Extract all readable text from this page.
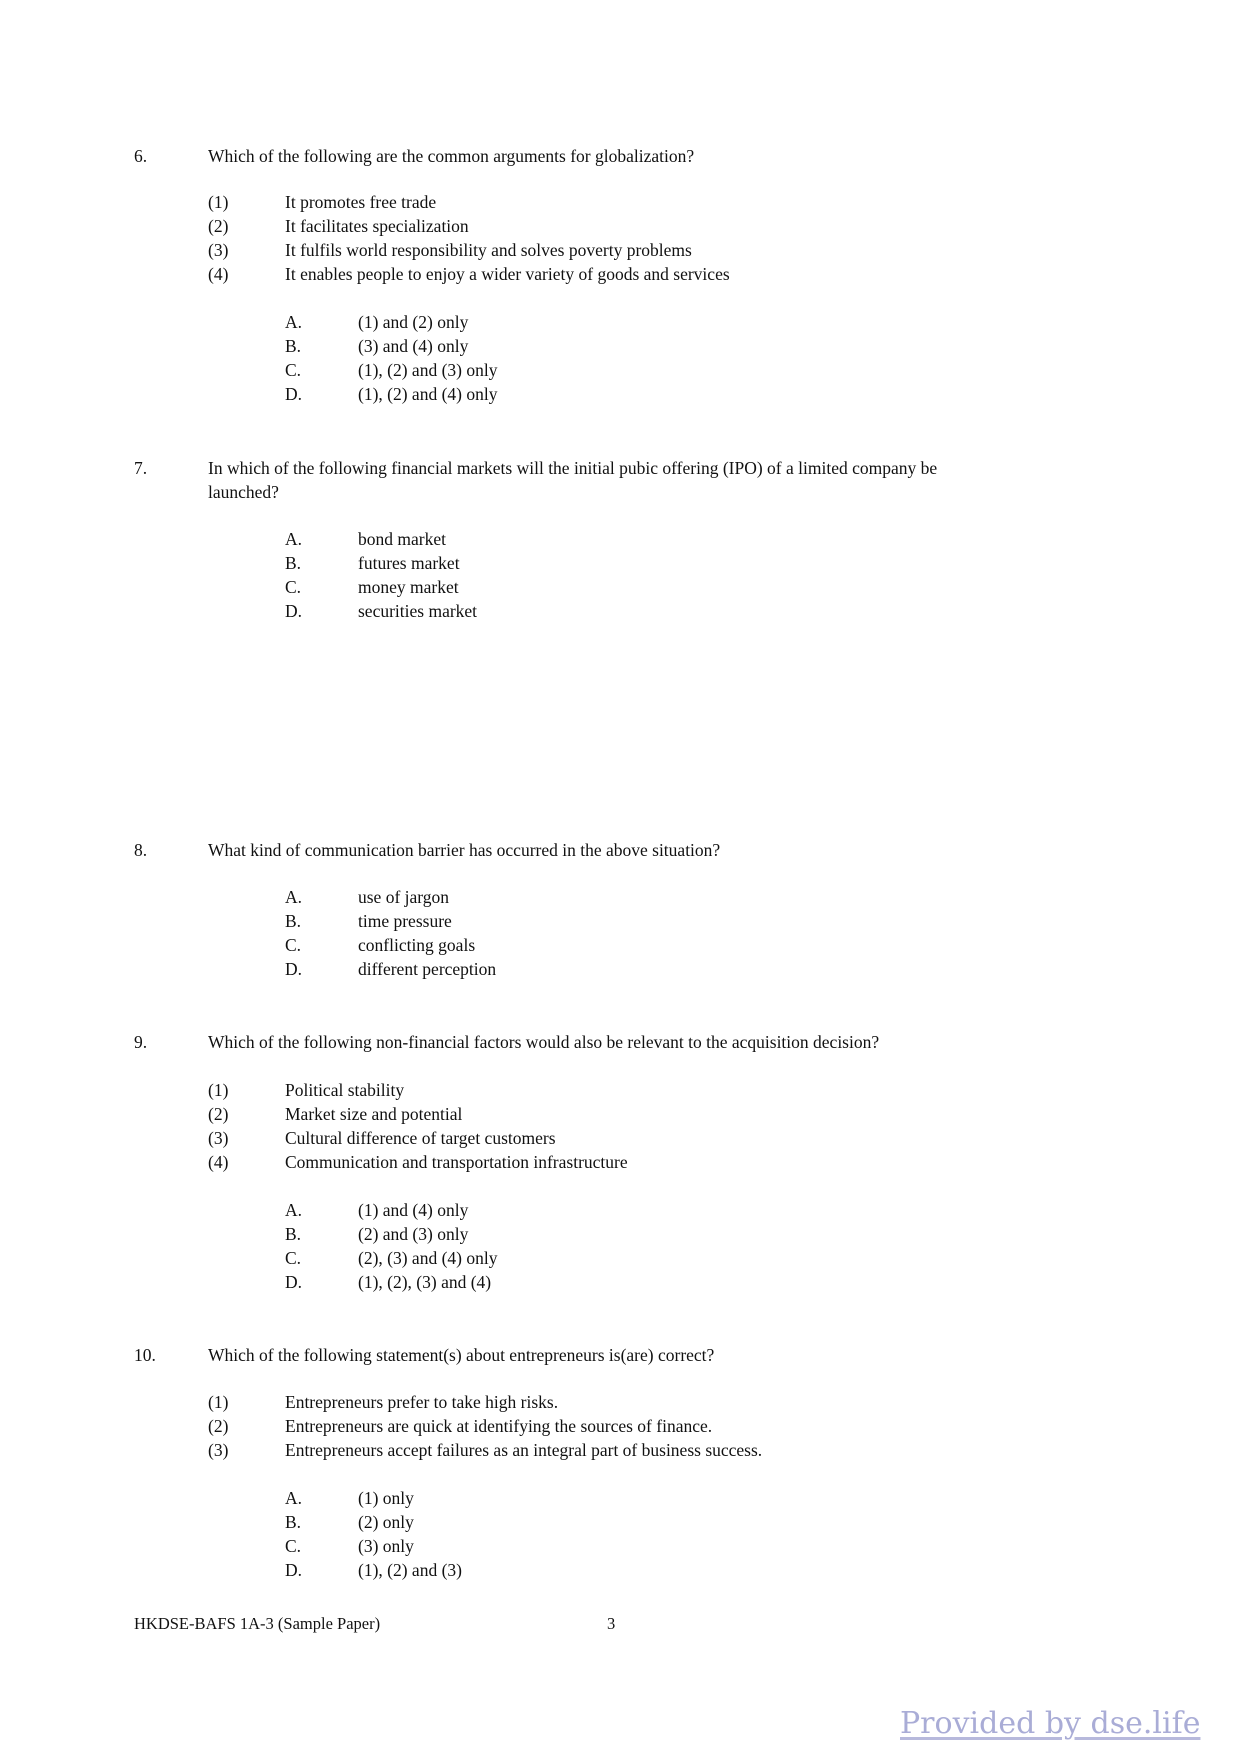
6.	Which of the following are the common arguments for globalization?
(1)	It promotes free trade
(2)	It facilitates specialization
(3)	It fulfils world responsibility and solves poverty problems
(4)	It enables people to enjoy a wider variety of goods and services
A.	(1) and (2) only
B.	(3) and (4) only
C.	(1), (2) and (3) only
D.	(1), (2) and (4) only
7.	In which of the following financial markets will the initial pubic offering (IPO) of a limited company be
launched?
A.	bond market
B.	futures market
C.	money market
D.	securities market
8.	What kind of communication barrier has occurred in the above situation?
A.	use of jargon
B.	time pressure
C.	conflicting goals
D.	different perception
9.	Which of the following non-financial factors would also be relevant to the acquisition decision?
(1)	Political stability
(2)	Market size and potential
(3)	Cultural difference of target customers
(4)	Communication and transportation infrastructure
A.	(1) and (4) only
B.	(2) and (3) only
C.	(2), (3) and (4) only
D.	(1), (2), (3) and (4)
10.	Which of the following statement(s) about entrepreneurs is(are) correct?
(1)	Entrepreneurs prefer to take high risks.
(2)	Entrepreneurs are quick at identifying the sources of finance.
(3)	Entrepreneurs accept failures as an integral part of business success.
A.	(1) only
B.	(2) only
C.	(3) only
D.	(1), (2) and (3)
HKDSE-BAFS 1A-3 (Sample Paper)	3
Provided by dse.life
